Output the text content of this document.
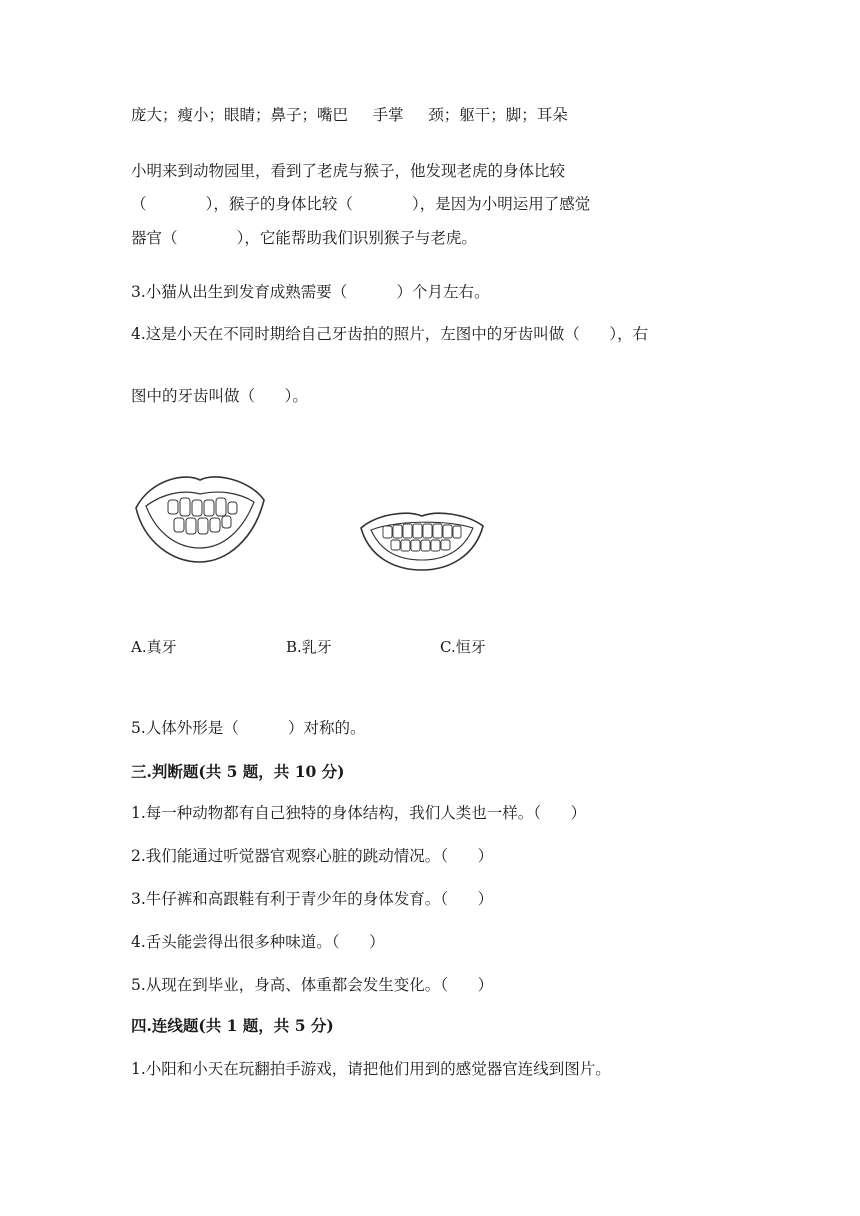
庞大；瘦小；眼睛；鼻子；嘴巴     手掌     颈；躯干；脚；耳朵
小明来到动物园里，看到了老虎与猴子，他发现老虎的身体比较
（            ），猴子的身体比较（            ），是因为小明运用了感觉
器官（            ），它能帮助我们识别猴子与老虎。
3.小猫从出生到发育成熟需要（          ）个月左右。
4.这是小天在不同时期给自己牙齿拍的照片，左图中的牙齿叫做（      ），右
图中的牙齿叫做（      ）。
A.真牙	B.乳牙	C.恒牙
5.人体外形是（          ）对称的。
三.判断题(共 5 题，共 10 分)
1.每一种动物都有自己独特的身体结构，我们人类也一样。（      ）
2.我们能通过听觉器官观察心脏的跳动情况。（      ）
3.牛仔裤和高跟鞋有利于青少年的身体发育。（      ）
4.舌头能尝得出很多种味道。（      ）
5.从现在到毕业，身高、体重都会发生变化。（      ）
四.连线题(共 1 题，共 5 分)
1.小阳和小天在玩翻拍手游戏，请把他们用到的感觉器官连线到图片。
